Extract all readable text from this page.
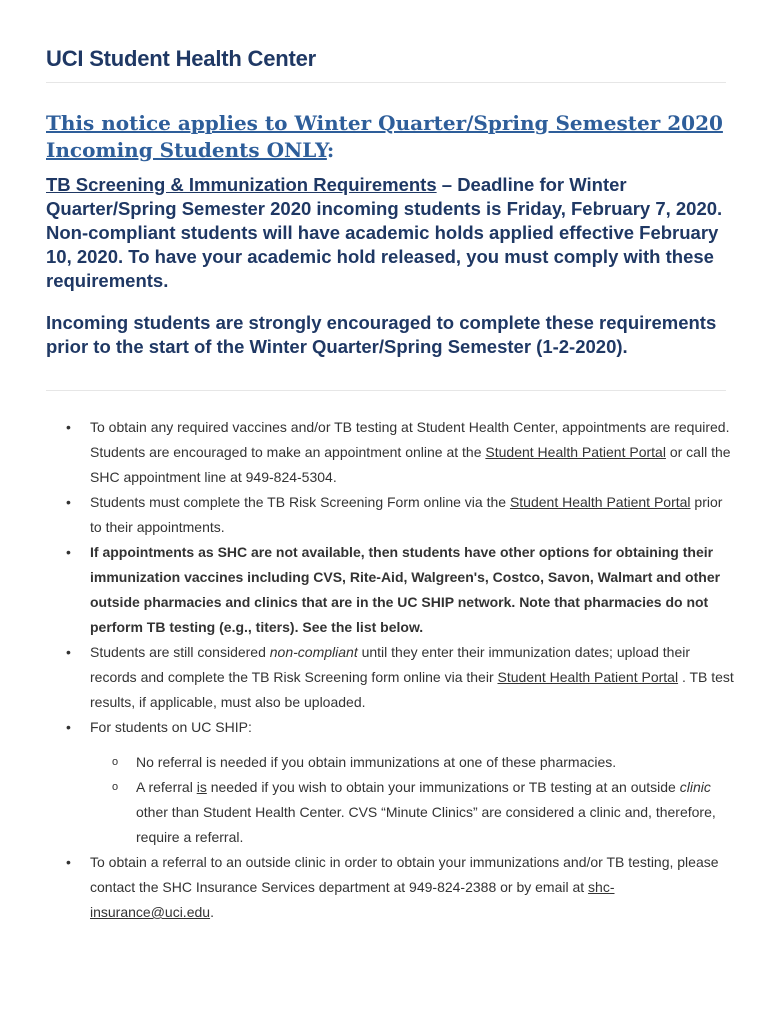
UCI Student Health Center
This notice applies to Winter Quarter/Spring Semester 2020
Incoming Students ONLY:
TB Screening & Immunization Requirements – Deadline for Winter Quarter/Spring Semester 2020 incoming students is Friday, February 7, 2020. Non-compliant students will have academic holds applied effective February 10, 2020. To have your academic hold released, you must comply with these requirements.
Incoming students are strongly encouraged to complete these requirements prior to the start of the Winter Quarter/Spring Semester (1-2-2020).
• To obtain any required vaccines and/or TB testing at Student Health Center, appointments are required. Students are encouraged to make an appointment online at the Student Health Patient Portal or call the SHC appointment line at 949-824-5304.
• Students must complete the TB Risk Screening Form online via the Student Health Patient Portal prior to their appointments.
• If appointments as SHC are not available, then students have other options for obtaining their immunization vaccines including CVS, Rite-Aid, Walgreen's, Costco, Savon, Walmart and other outside pharmacies and clinics that are in the UC SHIP network. Note that pharmacies do not perform TB testing (e.g., titers). See the list below.
• Students are still considered non-compliant until they enter their immunization dates; upload their records and complete the TB Risk Screening form online via their Student Health Patient Portal . TB test results, if applicable, must also be uploaded.
• For students on UC SHIP:
o No referral is needed if you obtain immunizations at one of these pharmacies.
o A referral is needed if you wish to obtain your immunizations or TB testing at an outside clinic other than Student Health Center. CVS “Minute Clinics” are considered a clinic and, therefore, require a referral.
• To obtain a referral to an outside clinic in order to obtain your immunizations and/or TB testing, please contact the SHC Insurance Services department at 949-824-2388 or by email at shc-insurance@uci.edu.
